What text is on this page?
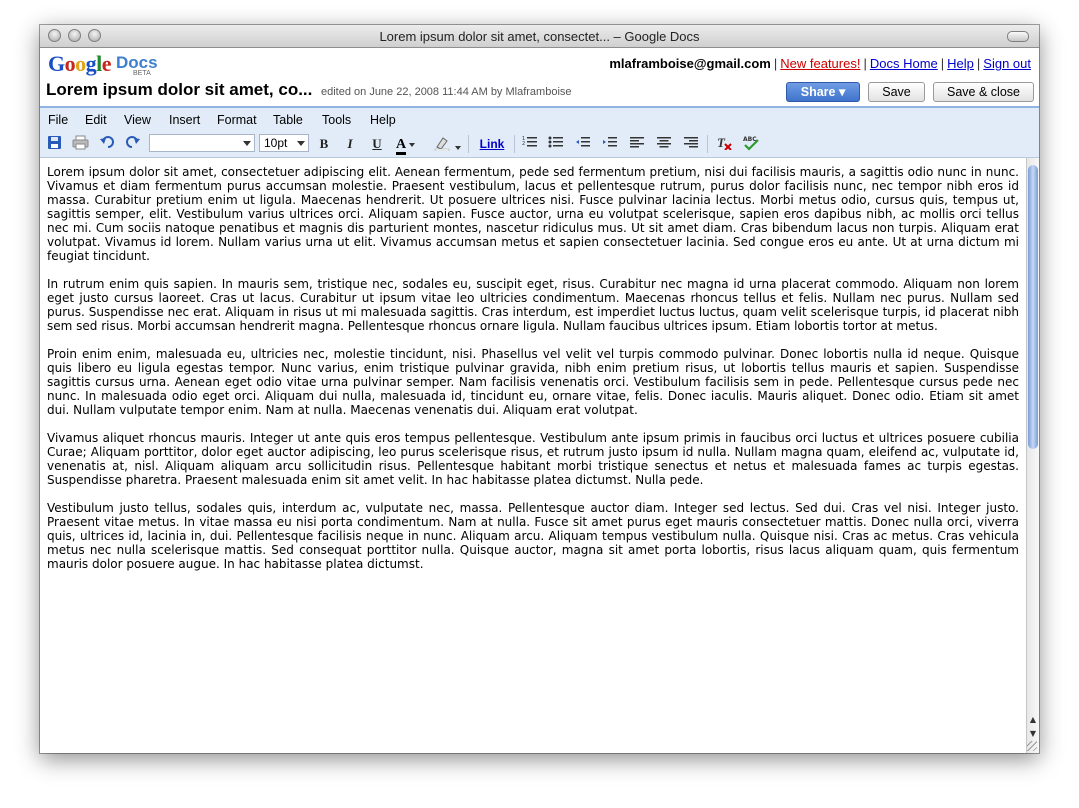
Lorem ipsum dolor sit amet, consectet... – Google Docs
Google Docs
BETA
mlaframboise@gmail.com | New features! | Docs Home | Help | Sign out
Lorem ipsum dolor sit amet, co... edited on June 22, 2008 11:44 AM by Mlaframboise	Share ▾	Save	Save & close
File Edit View Insert Format Table Tools Help
10pt	B	I	U A
	Link	1
2	T	ABC

Lorem ipsum dolor sit amet, consectetuer adipiscing elit. Aenean fermentum, pede sed fermentum pretium, nisi dui facilisis mauris, a sagittis odio nunc in nunc. Vivamus et diam fermentum purus accumsan molestie. Praesent vestibulum, lacus et pellentesque rutrum, purus dolor facilisis nunc, nec tempor nibh eros id massa. Curabitur pretium enim ut ligula. Maecenas hendrerit. Ut posuere ultrices nisi. Fusce pulvinar lacinia lectus. Morbi metus odio, cursus quis, tempus ut, sagittis semper, elit. Vestibulum varius ultrices orci. Aliquam sapien. Fusce auctor, urna eu volutpat scelerisque, sapien eros dapibus nibh, ac mollis orci tellus nec mi. Cum sociis natoque penatibus et magnis dis parturient montes, nascetur ridiculus mus. Ut sit amet diam. Cras bibendum lacus non turpis. Aliquam erat volutpat. Vivamus id lorem. Nullam varius urna ut elit. Vivamus accumsan metus et sapien consectetuer lacinia. Sed congue eros eu ante. Ut at urna dictum mi feugiat tincidunt.

In rutrum enim quis sapien. In mauris sem, tristique nec, sodales eu, suscipit eget, risus. Curabitur nec magna id urna placerat commodo. Aliquam non lorem eget justo cursus laoreet. Cras ut lacus. Curabitur ut ipsum vitae leo ultricies condimentum. Maecenas rhoncus tellus et felis. Nullam nec purus. Nullam sed purus. Suspendisse nec erat. Aliquam in risus ut mi malesuada sagittis. Cras interdum, est imperdiet luctus luctus, quam velit scelerisque turpis, id placerat nibh sem sed risus. Morbi accumsan hendrerit magna. Pellentesque rhoncus ornare ligula. Nullam faucibus ultrices ipsum. Etiam lobortis tortor at metus.

Proin enim enim, malesuada eu, ultricies nec, molestie tincidunt, nisi. Phasellus vel velit vel turpis commodo pulvinar. Donec lobortis nulla id neque. Quisque quis libero eu ligula egestas tempor. Nunc varius, enim tristique pulvinar gravida, nibh enim pretium risus, ut lobortis tellus mauris et sapien. Suspendisse sagittis cursus urna. Aenean eget odio vitae urna pulvinar semper. Nam facilisis venenatis orci. Vestibulum facilisis sem in pede. Pellentesque cursus pede nec nunc. In malesuada odio eget orci. Aliquam dui nulla, malesuada id, tincidunt eu, ornare vitae, felis. Donec iaculis. Mauris aliquet. Donec odio. Etiam sit amet dui. Nullam vulputate tempor enim. Nam at nulla. Maecenas venenatis dui. Aliquam erat volutpat.

Vivamus aliquet rhoncus mauris. Integer ut ante quis eros tempus pellentesque. Vestibulum ante ipsum primis in faucibus orci luctus et ultrices posuere cubilia Curae; Aliquam porttitor, dolor eget auctor adipiscing, leo purus scelerisque risus, et rutrum justo ipsum id nulla. Nullam magna quam, eleifend ac, vulputate id, venenatis at, nisl. Aliquam aliquam arcu sollicitudin risus. Pellentesque habitant morbi tristique senectus et netus et malesuada fames ac turpis egestas. Suspendisse pharetra. Praesent malesuada enim sit amet velit. In hac habitasse platea dictumst. Nulla pede.

Vestibulum justo tellus, sodales quis, interdum ac, vulputate nec, massa. Pellentesque auctor diam. Integer sed lectus. Sed dui. Cras vel nisi. Integer justo. Praesent vitae metus. In vitae massa eu nisi porta condimentum. Nam at nulla. Fusce sit amet purus eget mauris consectetuer mattis. Donec nulla orci, viverra quis, ultrices id, lacinia in, dui. Pellentesque facilisis neque in nunc. Aliquam arcu. Aliquam tempus vestibulum nulla. Quisque nisi. Cras ac metus. Cras vehicula metus nec nulla scelerisque mattis. Sed consequat porttitor nulla. Quisque auctor, magna sit amet porta lobortis, risus lacus aliquam quam, quis fermentum mauris dolor posuere augue. In hac habitasse platea dictumst.

▲
▼
